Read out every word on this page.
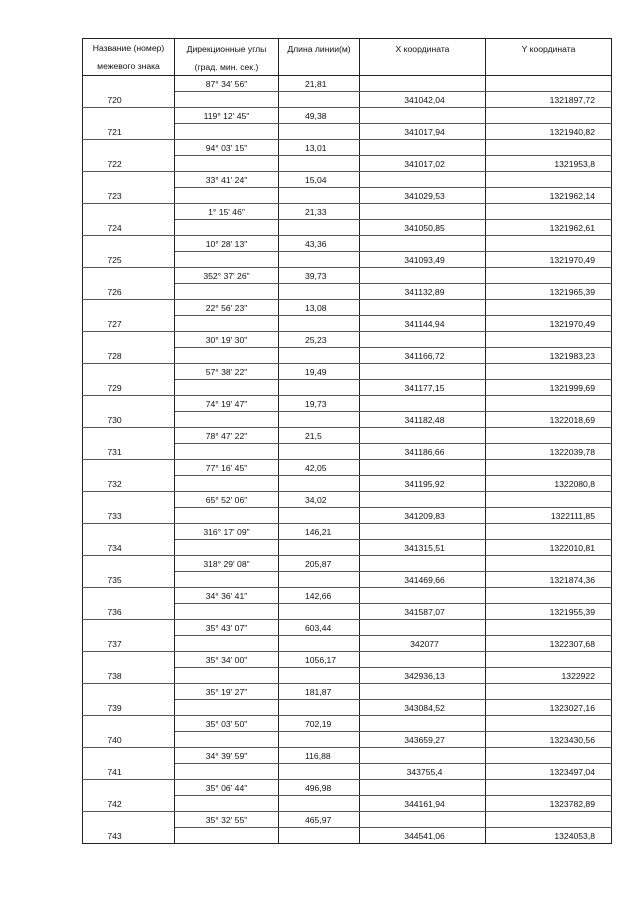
Название (номер)
межевого знака	Дирекционные углы	Длина линии(м)	X координата	Y координата
	(град. мин. сек.)			
	87° 34' 56"	21,81		
720			341042,04	1321897,72
	119° 12' 45"	49,38		
721			341017,94	1321940,82
	94° 03' 15"	13,01		
722			341017,02	1321953,8
	33° 41' 24"	15,04		
723			341029,53	1321962,14
	1° 15' 46"	21,33		
724			341050,85	1321962,61
	10° 28' 13"	43,36		
725			341093,49	1321970,49
	352° 37' 26"	39,73		
726			341132,89	1321965,39
	22° 56' 23"	13,08		
727			341144,94	1321970,49
	30° 19' 30"	25,23		
728			341166,72	1321983,23
	57° 38' 22"	19,49		
729			341177,15	1321999,69
	74° 19' 47"	19,73		
730			341182,48	1322018,69
	78° 47' 22"	21,5		
731			341186,66	1322039,78
	77° 16' 45"	42,05		
732			341195,92	1322080,8
	65° 52' 06"	34,02		
733			341209,83	1322111,85
	316° 17' 09"	146,21		
734			341315,51	1322010,81
	318° 29' 08"	205,87		
735			341469,66	1321874,36
	34° 36' 41"	142,66		
736			341587,07	1321955,39
	35° 43' 07"	603,44		
737			342077	1322307,68
	35° 34' 00"	1056,17		
738			342936,13	1322922
	35° 19' 27"	181,87		
739			343084,52	1323027,16
	35° 03' 50"	702,19		
740			343659,27	1323430,56
	34° 39' 59"	116,88		
741			343755,4	1323497,04
	35° 06' 44"	496,98		
742			344161,94	1323782,89
	35° 32' 55"	465,97		
743			344541,06	1324053,8
